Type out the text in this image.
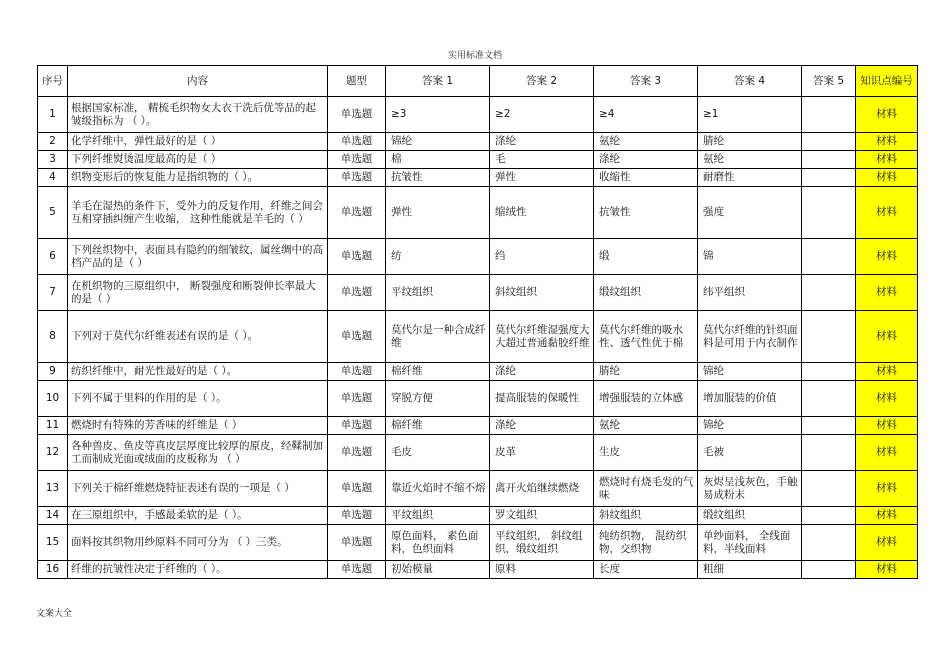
实用标准文档
序号	内容	题型	答案 1	答案 2	答案 3	答案 4	答案 5	知识点编号
1	根据国家标准， 精梳毛织物女大衣干洗后优等品的起皱级指标为 （ ）。	单选题	≥3	≥2	≥4	≥1		材料
2	化学纤维中，弹性最好的是（ ）	单选题	锦纶	涤纶	氨纶	腈纶		材料
3	下列纤维熨烫温度最高的是（ ）	单选题	棉	毛	涤纶	氨纶		材料
4	织物变形后的恢复能力是指织物的（ ）。	单选题	抗皱性	弹性	收缩性	耐磨性		材料
5	羊毛在湿热的条件下，受外力的反复作用，纤维之间会互相穿插纠缠产生收缩， 这种性能就是羊毛的（ ）	单选题	弹性	缩绒性	抗皱性	强度		材料
6	下列丝织物中，表面具有隐约的细皱纹，属丝绸中的高档产品的是（ ）	单选题	纺	绉	缎	锦		材料
7	在机织物的三原组织中， 断裂强度和断裂伸长率最大的是（ ）	单选题	平纹组织	斜纹组织	缎纹组织	纬平组织		材料
8	下列对于莫代尔纤维表述有误的是（ ）。	单选题	莫代尔是一种合成纤维	莫代尔纤维湿强度大大超过普通黏胶纤维	莫代尔纤维的吸水性、透气性优于棉	莫代尔纤维的针织面料是可用于内衣制作		材料
9	纺织纤维中，耐光性最好的是（ ）。	单选题	棉纤维	涤纶	腈纶	锦纶		材料
10	下列不属于里料的作用的是（ ）。	单选题	穿脱方便	提高服装的保暖性	增强服装的立体感	增加服装的价值		材料
11	燃烧时有特殊的芳香味的纤维是（ ）	单选题	棉纤维	涤纶	氨纶	锦纶		材料
12	各种兽皮、鱼皮等真皮层厚度比较厚的原皮，经鞣制加工而制成光面或绒面的皮板称为 （ ）	单选题	毛皮	皮革	生皮	毛被		材料
13	下列关于棉纤维燃烧特征表述有误的一项是（ ）	单选题	靠近火焰时不缩不熔	离开火焰继续燃烧	燃烧时有烧毛发的气味	灰烬呈浅灰色，手触易成粉末		材料
14	在三原组织中，手感最柔软的是（ ）。	单选题	平纹组织	罗文组织	斜纹组织	缎纹组织		材料
15	面料按其织物用纱原料不同可分为 （ ）三类。	单选题	原色面料， 素色面料，色织面料	平纹组织， 斜纹组织，缎纹组织	纯纺织物， 混纺织物，交织物	单纱面料， 全线面料，半线面料		材料
16	纤维的抗皱性决定于纤维的（ ）。	单选题	初始模量	原料	长度	粗细		材料
文案大全
